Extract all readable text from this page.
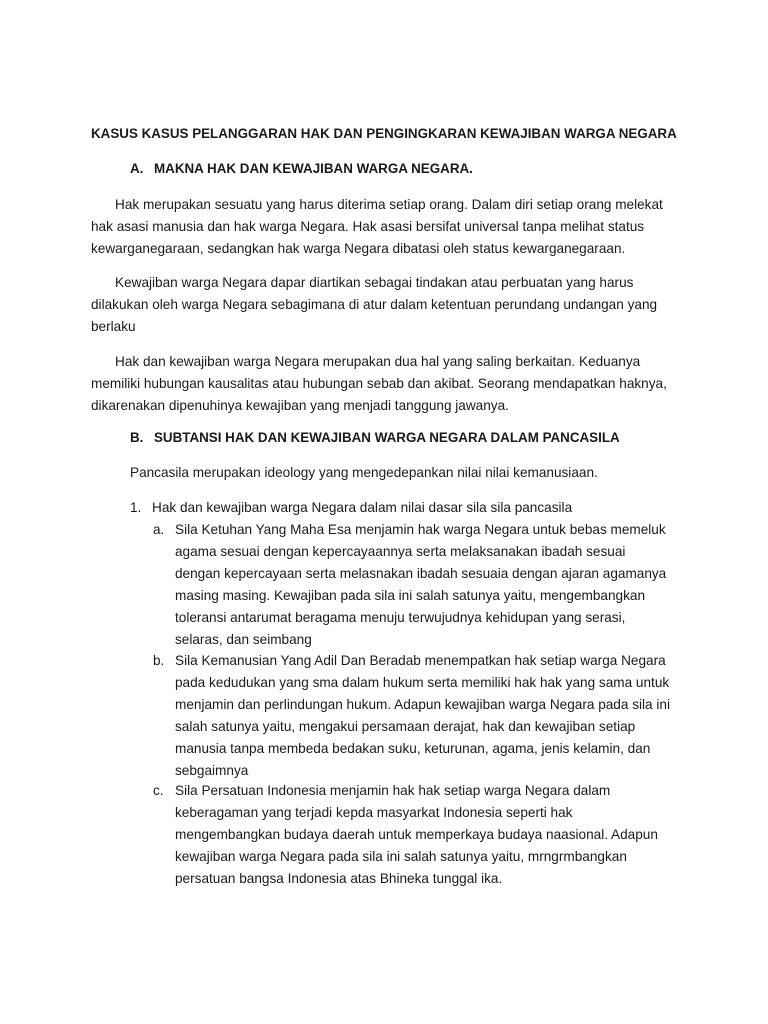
KASUS KASUS PELANGGARAN HAK DAN PENGINGKARAN KEWAJIBAN WARGA NEGARA
A. MAKNA HAK DAN KEWAJIBAN WARGA NEGARA.

Hak merupakan sesuatu yang harus diterima setiap orang. Dalam diri setiap orang melekat hak asasi manusia dan hak warga Negara. Hak asasi bersifat universal tanpa melihat status kewarganegaraan, sedangkan hak warga Negara dibatasi oleh status kewarganegaraan.

Kewajiban warga Negara dapar diartikan sebagai tindakan atau perbuatan yang harus dilakukan oleh warga Negara sebagimana di atur dalam ketentuan perundang undangan yang berlaku

Hak dan kewajiban warga Negara merupakan dua hal yang saling berkaitan. Keduanya memiliki hubungan kausalitas atau hubungan sebab dan akibat. Seorang mendapatkan haknya, dikarenakan dipenuhinya kewajiban yang menjadi tanggung jawanya.

B. SUBTANSI HAK DAN KEWAJIBAN WARGA NEGARA DALAM PANCASILA
Pancasila merupakan ideology yang mengedepankan nilai nilai kemanusiaan.
1. Hak dan kewajiban warga Negara dalam nilai dasar sila sila pancasila
a. Sila Ketuhan Yang Maha Esa menjamin hak warga Negara untuk bebas memeluk agama sesuai dengan kepercayaannya serta melaksanakan ibadah sesuai dengan kepercayaan serta melasnakan ibadah sesuaia dengan ajaran agamanya masing masing. Kewajiban pada sila ini salah satunya yaitu, mengembangkan toleransi antarumat beragama menuju terwujudnya kehidupan yang serasi, selaras, dan seimbang
b. Sila Kemanusian Yang Adil Dan Beradab menempatkan hak setiap warga Negara pada kedudukan yang sma dalam hukum serta memiliki hak hak yang sama untuk menjamin dan perlindungan hukum. Adapun kewajiban warga Negara pada sila ini salah satunya yaitu, mengakui persamaan derajat, hak dan kewajiban setiap manusia tanpa membeda bedakan suku, keturunan, agama, jenis kelamin, dan sebgaimnya
c. Sila Persatuan Indonesia menjamin hak hak setiap warga Negara dalam keberagaman yang terjadi kepda masyarkat Indonesia seperti hak mengembangkan budaya daerah untuk memperkaya budaya naasional. Adapun kewajiban warga Negara pada sila ini salah satunya yaitu, mrngrmbangkan persatuan bangsa Indonesia atas Bhineka tunggal ika.
